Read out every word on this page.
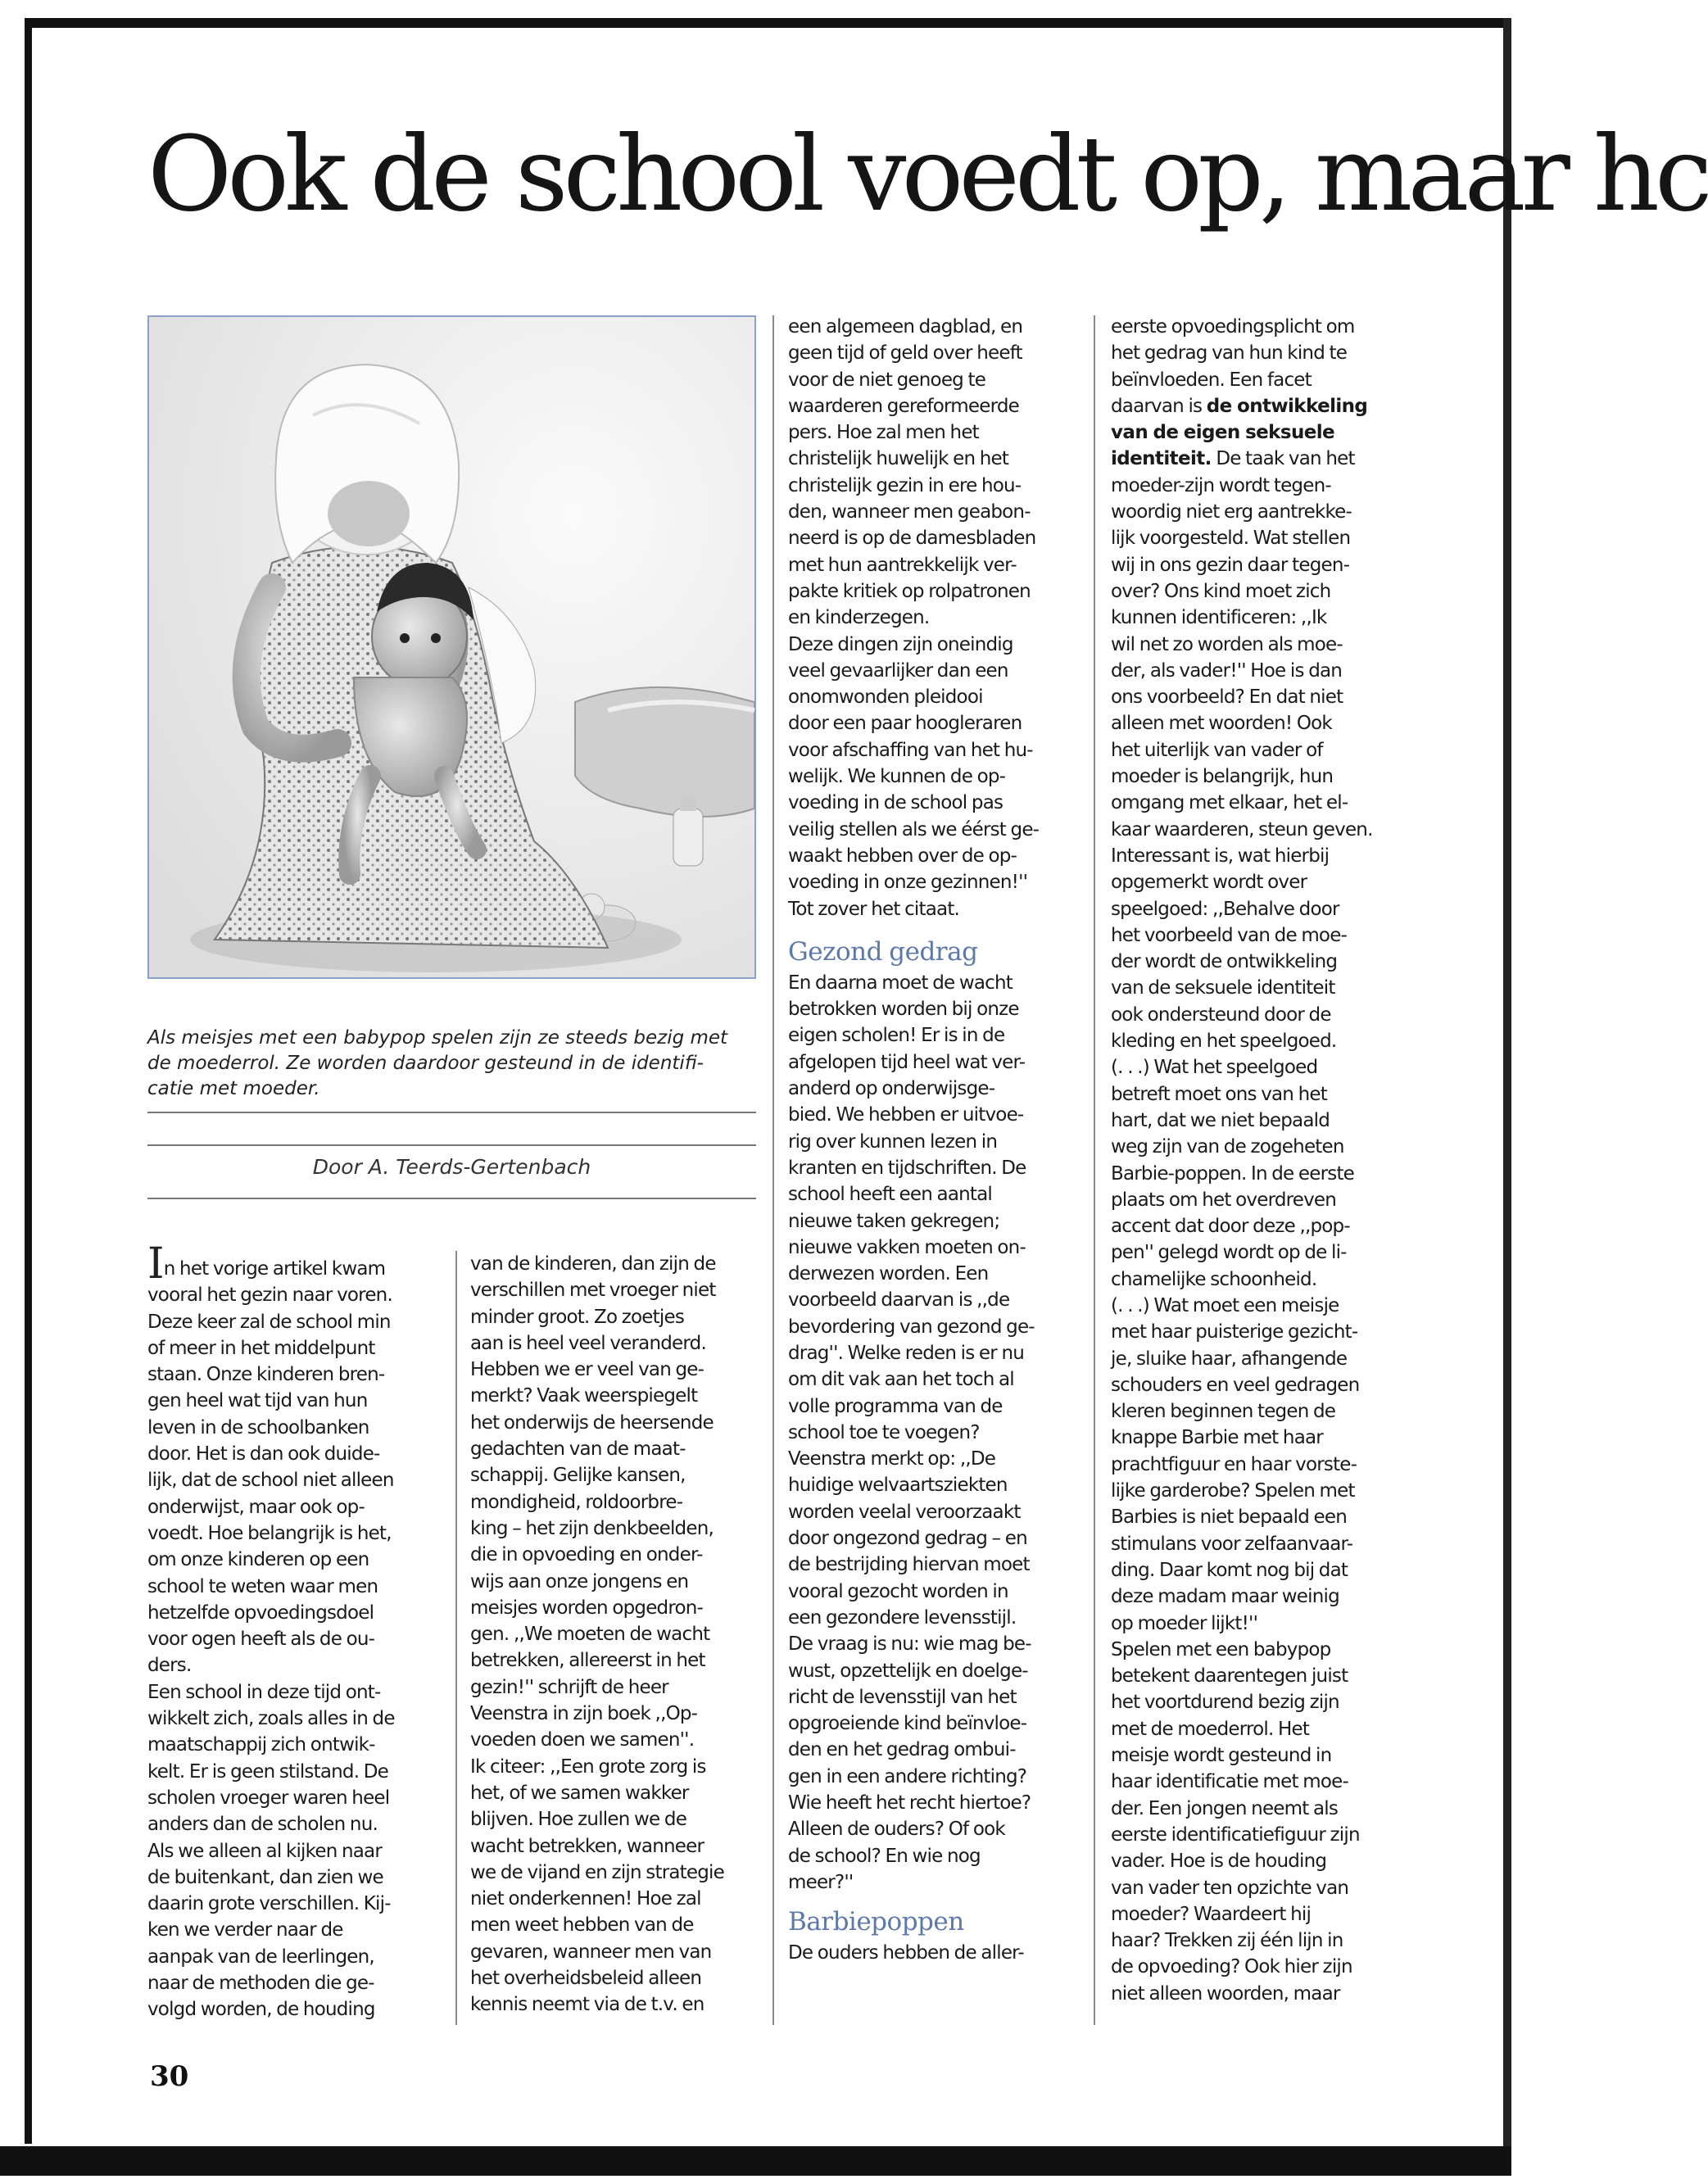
Ook de school voedt op, maar hc

Als meisjes met een babypop spelen zijn ze steeds bezig met
de moederrol. Ze worden daardoor gesteund in de identifi-
catie met moeder.

Door A. Teerds-Gertenbach

In het vorige artikel kwam
vooral het gezin naar voren.
Deze keer zal de school min
of meer in het middelpunt
staan. Onze kinderen bren-
gen heel wat tijd van hun
leven in de schoolbanken
door. Het is dan ook duide-
lijk, dat de school niet alleen
onderwijst, maar ook op-
voedt. Hoe belangrijk is het,
om onze kinderen op een
school te weten waar men
hetzelfde opvoedingsdoel
voor ogen heeft als de ou-
ders.
Een school in deze tijd ont-
wikkelt zich, zoals alles in de
maatschappij zich ontwik-
kelt. Er is geen stilstand. De
scholen vroeger waren heel
anders dan de scholen nu.
Als we alleen al kijken naar
de buitenkant, dan zien we
daarin grote verschillen. Kij-
ken we verder naar de
aanpak van de leerlingen,
naar de methoden die ge-
volgd worden, de houding
van de kinderen, dan zijn de
verschillen met vroeger niet
minder groot. Zo zoetjes
aan is heel veel veranderd.
Hebben we er veel van ge-
merkt? Vaak weerspiegelt
het onderwijs de heersende
gedachten van de maat-
schappij. Gelijke kansen,
mondigheid, roldoorbre-
king – het zijn denkbeelden,
die in opvoeding en onder-
wijs aan onze jongens en
meisjes worden opgedron-
gen. ,,We moeten de wacht
betrekken, allereerst in het
gezin!'' schrijft de heer
Veenstra in zijn boek ,,Op-
voeden doen we samen''.
Ik citeer: ,,Een grote zorg is
het, of we samen wakker
blijven. Hoe zullen we de
wacht betrekken, wanneer
we de vijand en zijn strategie
niet onderkennen! Hoe zal
men weet hebben van de
gevaren, wanneer men van
het overheidsbeleid alleen
kennis neemt via de t.v. en
een algemeen dagblad, en
geen tijd of geld over heeft
voor de niet genoeg te
waarderen gereformeerde
pers. Hoe zal men het
christelijk huwelijk en het
christelijk gezin in ere hou-
den, wanneer men geabon-
neerd is op de damesbladen
met hun aantrekkelijk ver-
pakte kritiek op rolpatronen
en kinderzegen.
Deze dingen zijn oneindig
veel gevaarlijker dan een
onomwonden pleidooi
door een paar hoogleraren
voor afschaffing van het hu-
welijk. We kunnen de op-
voeding in de school pas
veilig stellen als we éérst ge-
waakt hebben over de op-
voeding in onze gezinnen!''
Tot zover het citaat.
Gezond gedrag
En daarna moet de wacht
betrokken worden bij onze
eigen scholen! Er is in de
afgelopen tijd heel wat ver-
anderd op onderwijsge-
bied. We hebben er uitvoe-
rig over kunnen lezen in
kranten en tijdschriften. De
school heeft een aantal
nieuwe taken gekregen;
nieuwe vakken moeten on-
derwezen worden. Een
voorbeeld daarvan is ,,de
bevordering van gezond ge-
drag''. Welke reden is er nu
om dit vak aan het toch al
volle programma van de
school toe te voegen?
Veenstra merkt op: ,,De
huidige welvaartsziekten
worden veelal veroorzaakt
door ongezond gedrag – en
de bestrijding hiervan moet
vooral gezocht worden in
een gezondere levensstijl.
De vraag is nu: wie mag be-
wust, opzettelijk en doelge-
richt de levensstijl van het
opgroeiende kind beïnvloe-
den en het gedrag ombui-
gen in een andere richting?
Wie heeft het recht hiertoe?
Alleen de ouders? Of ook
de school? En wie nog
meer?''
Barbiepoppen
De ouders hebben de aller-
eerste opvoedingsplicht om
het gedrag van hun kind te
beïnvloeden. Een facet
daarvan is de ontwikkeling
van de eigen seksuele
identiteit. De taak van het
moeder-zijn wordt tegen-
woordig niet erg aantrekke-
lijk voorgesteld. Wat stellen
wij in ons gezin daar tegen-
over? Ons kind moet zich
kunnen identificeren: ,,Ik
wil net zo worden als moe-
der, als vader!'' Hoe is dan
ons voorbeeld? En dat niet
alleen met woorden! Ook
het uiterlijk van vader of
moeder is belangrijk, hun
omgang met elkaar, het el-
kaar waarderen, steun geven.
Interessant is, wat hierbij
opgemerkt wordt over
speelgoed: ,,Behalve door
het voorbeeld van de moe-
der wordt de ontwikkeling
van de seksuele identiteit
ook ondersteund door de
kleding en het speelgoed.
(. . .) Wat het speelgoed
betreft moet ons van het
hart, dat we niet bepaald
weg zijn van de zogeheten
Barbie-poppen. In de eerste
plaats om het overdreven
accent dat door deze ,,pop-
pen'' gelegd wordt op de li-
chamelijke schoonheid.
(. . .) Wat moet een meisje
met haar puisterige gezicht-
je, sluike haar, afhangende
schouders en veel gedragen
kleren beginnen tegen de
knappe Barbie met haar
prachtfiguur en haar vorste-
lijke garderobe? Spelen met
Barbies is niet bepaald een
stimulans voor zelfaanvaar-
ding. Daar komt nog bij dat
deze madam maar weinig
op moeder lijkt!''
Spelen met een babypop
betekent daarentegen juist
het voortdurend bezig zijn
met de moederrol. Het
meisje wordt gesteund in
haar identificatie met moe-
der. Een jongen neemt als
eerste identificatiefiguur zijn
vader. Hoe is de houding
van vader ten opzichte van
moeder? Waardeert hij
haar? Trekken zij één lijn in
de opvoeding? Ook hier zijn
niet alleen woorden, maar

30
